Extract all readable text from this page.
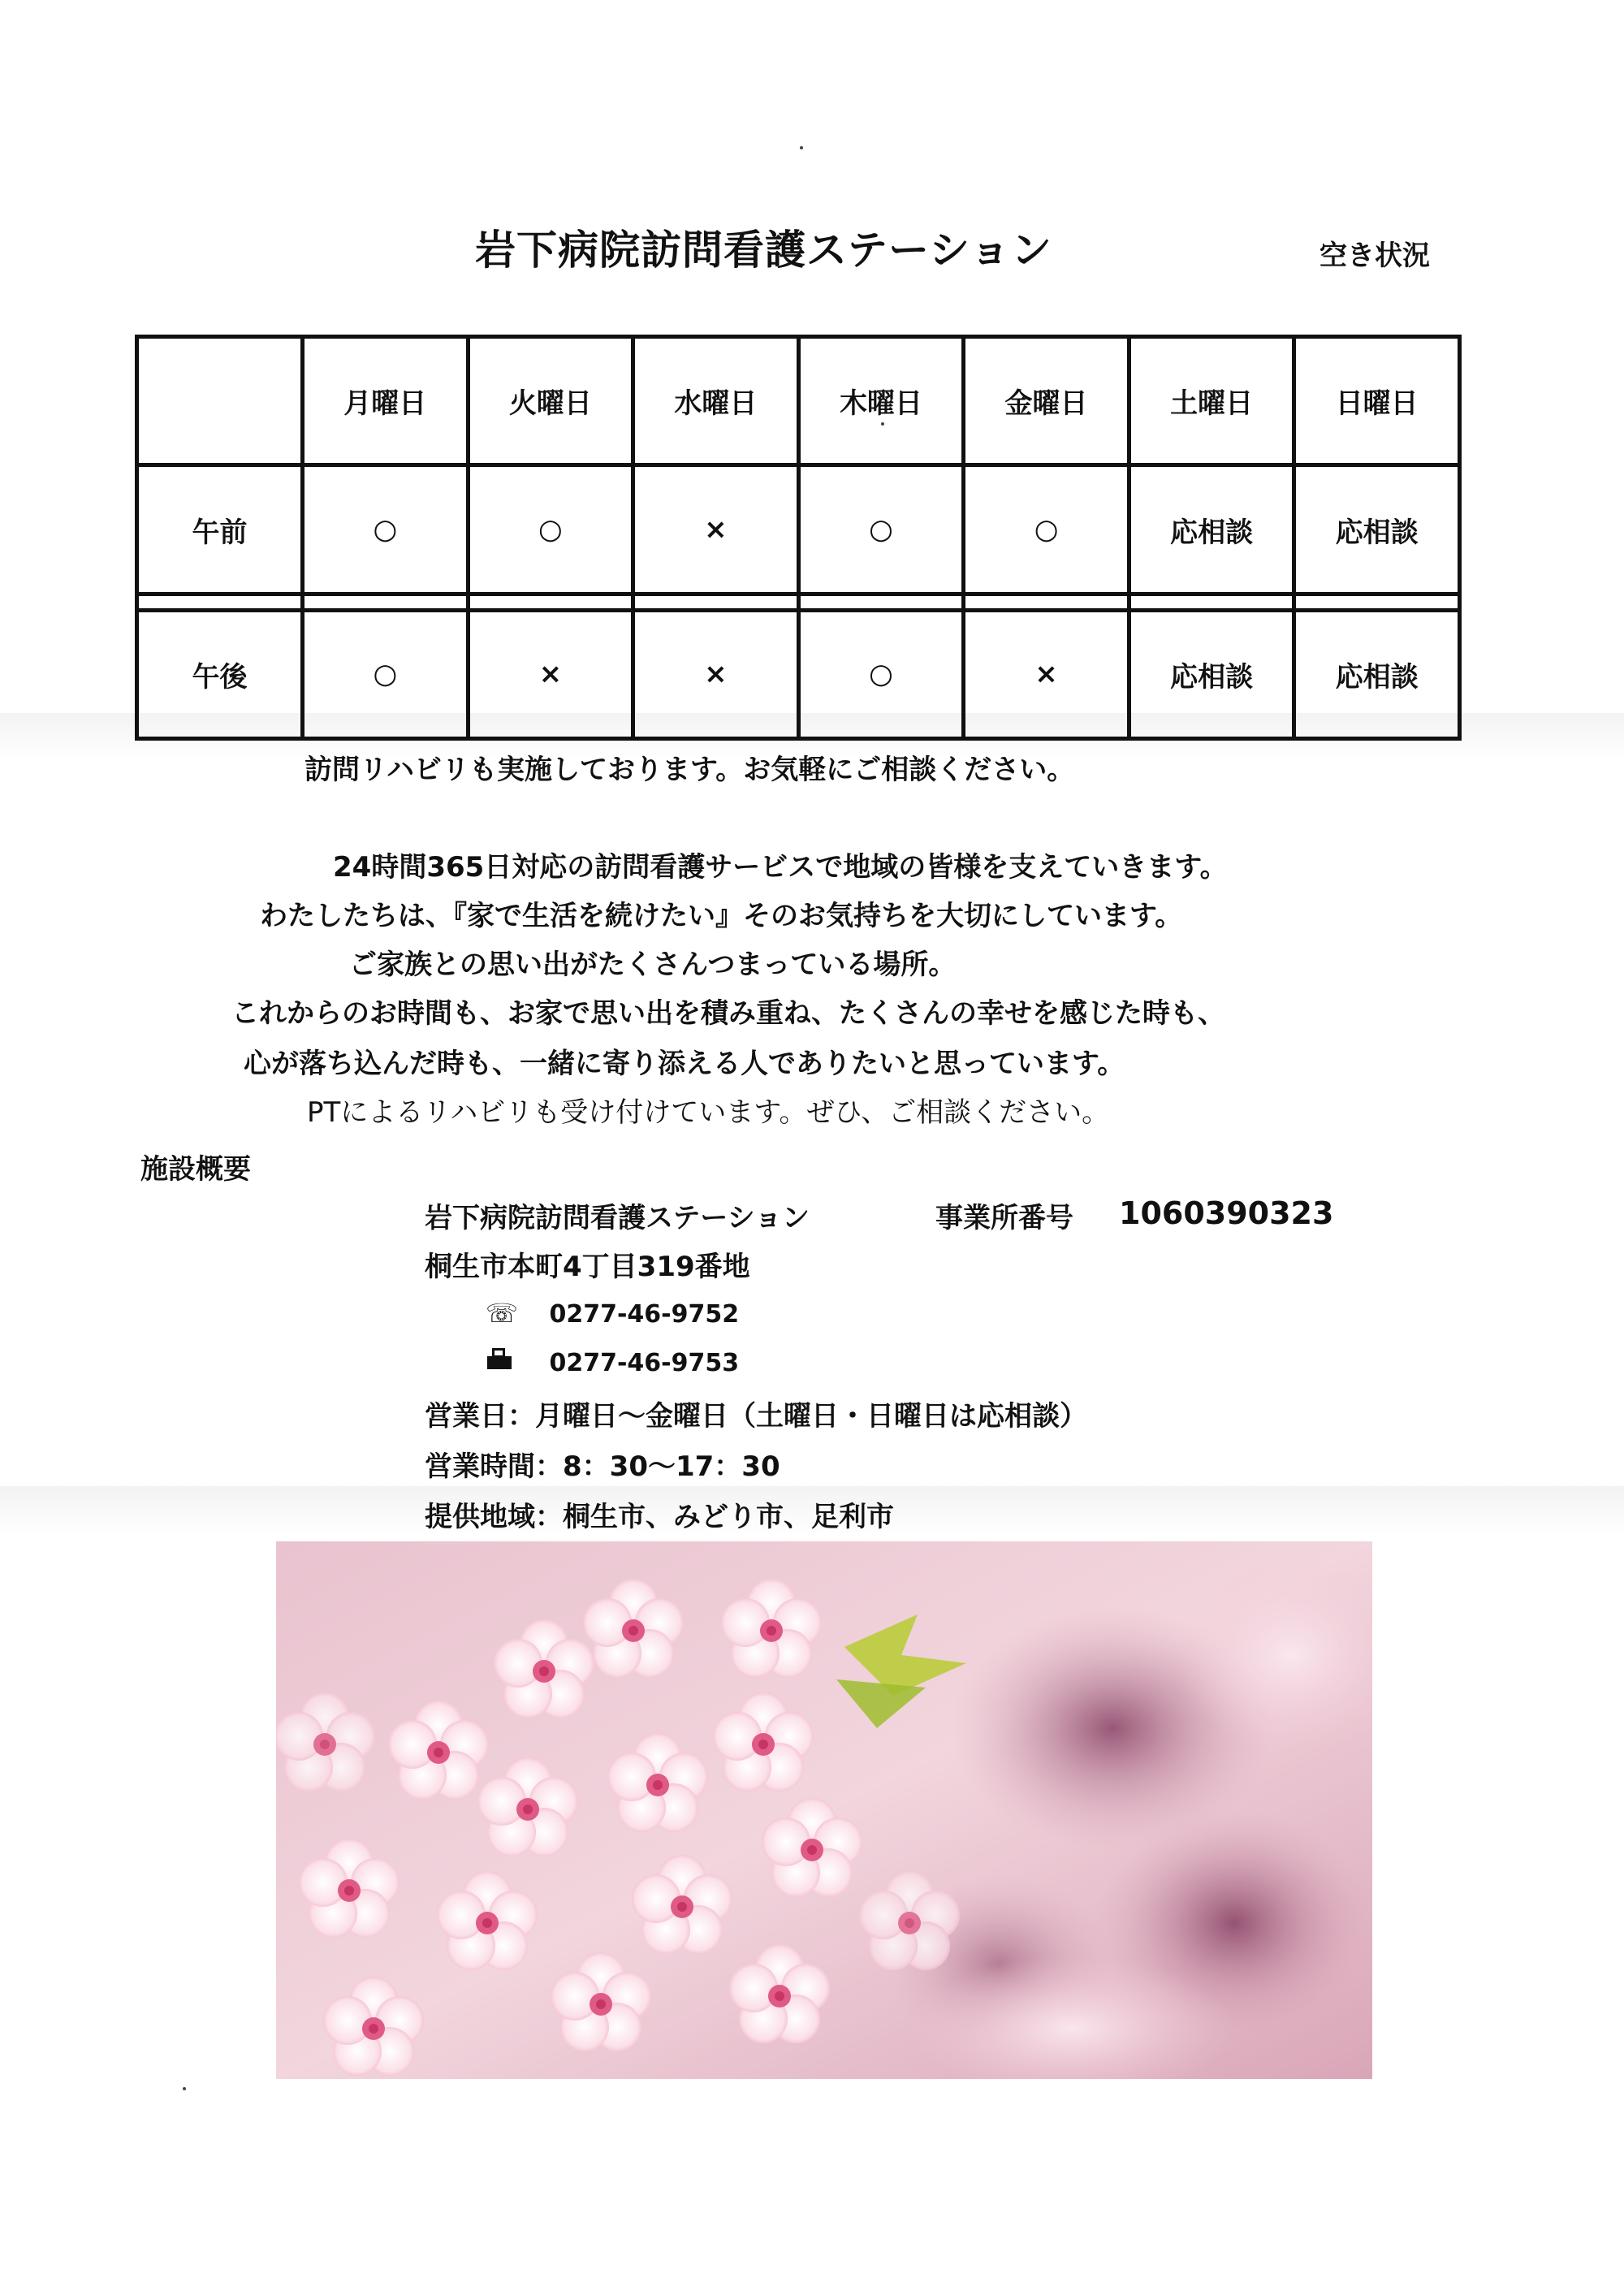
岩下病院訪問看護ステーション	空き状況
	月曜日	火曜日	水曜日	木曜日	金曜日	土曜日	日曜日
午前	○	○	×	○	○	応相談	応相談

午後	○	×	×	○	×	応相談	応相談
訪問リハビリも実施しております。お気軽にご相談ください。
24時間365日対応の訪問看護サービスで地域の皆様を支えていきます。
わたしたちは、『家で生活を続けたい』そのお気持ちを大切にしています。
ご家族との思い出がたくさんつまっている場所。
これからのお時間も、お家で思い出を積み重ね、たくさんの幸せを感じた時も、
心が落ち込んだ時も、一緒に寄り添える人でありたいと思っています。
PTによるリハビリも受け付けています。ぜひ、ご相談ください。
施設概要
岩下病院訪問看護ステーション	事業所番号 1060390323
桐生市本町4丁目319番地
☏ 0277-46-9752
0277-46-9753
営業日：月曜日～金曜日（土曜日・日曜日は応相談）
営業時間：8：30～17：30
提供地域：桐生市、みどり市、足利市
